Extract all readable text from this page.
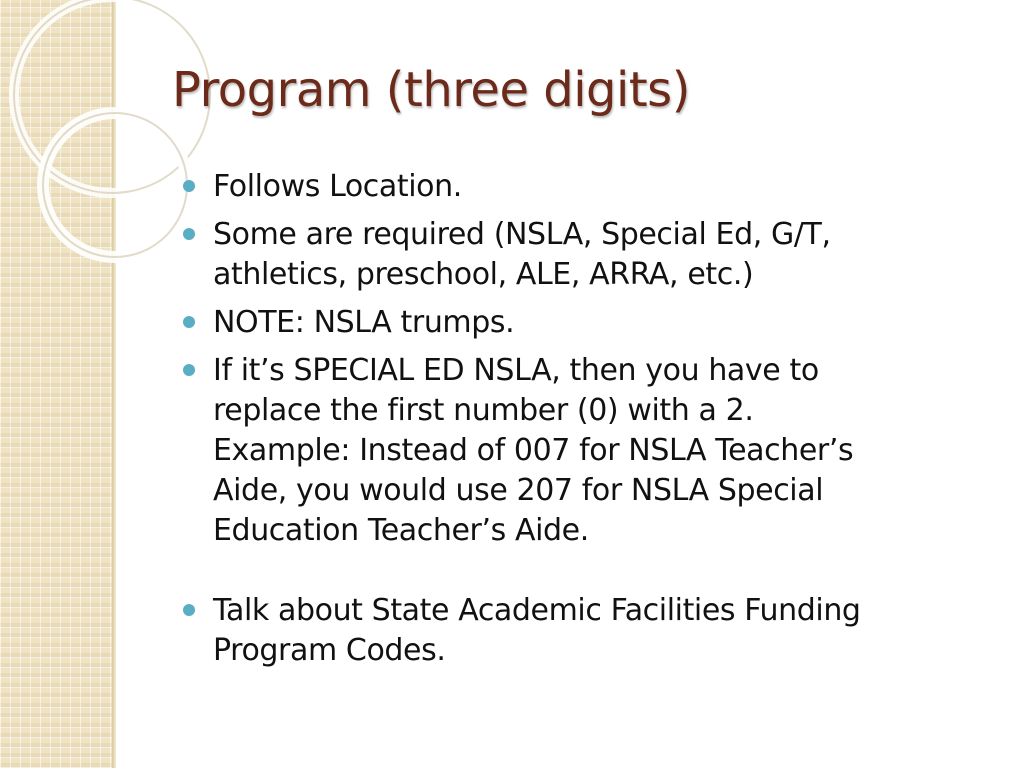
Program (three digits)
Follows Location.
Some are required (NSLA, Special Ed, G/T,
athletics, preschool, ALE, ARRA, etc.)
NOTE: NSLA trumps.
If it’s SPECIAL ED NSLA, then you have to
replace the first number (0) with a 2.
Example: Instead of 007 for NSLA Teacher’s
Aide, you would use 207 for NSLA Special
Education Teacher’s Aide.
Talk about State Academic Facilities Funding
Program Codes.
